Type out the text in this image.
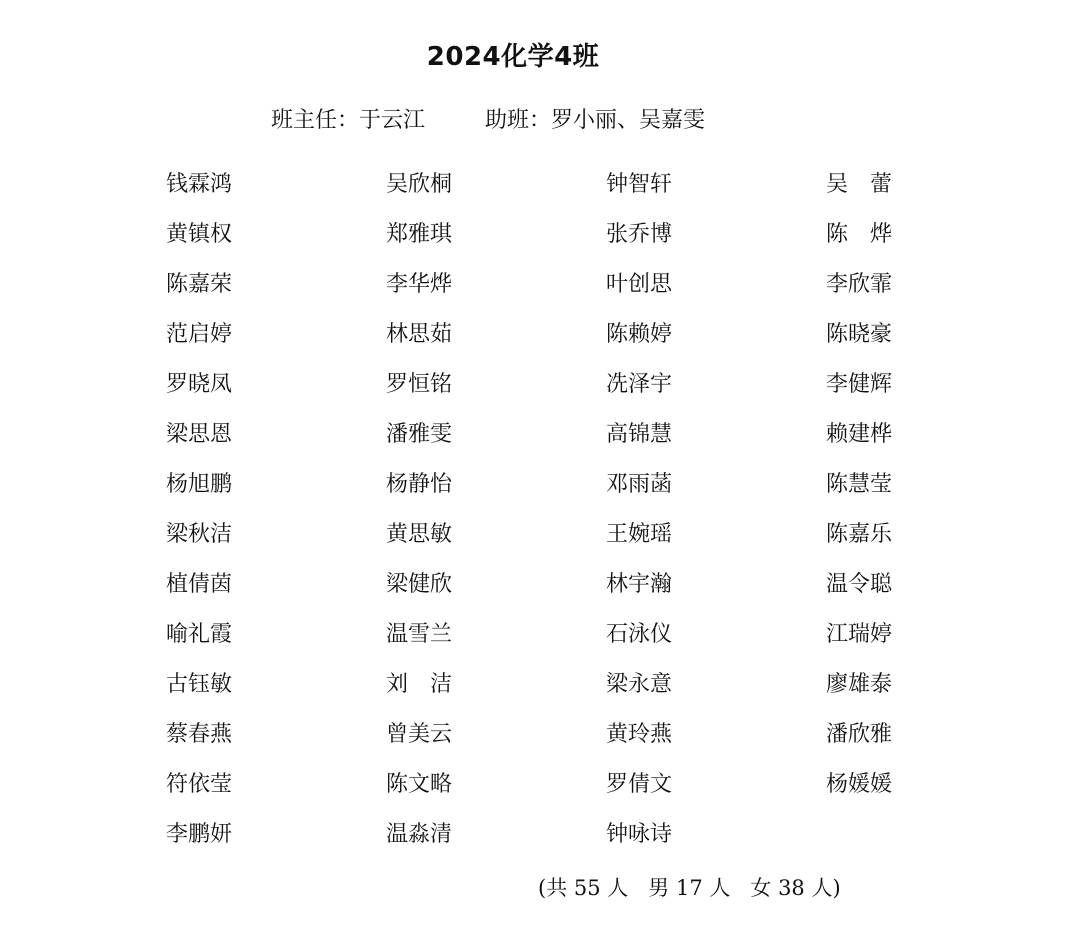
2024化学4班
班主任：于云江	助班：罗小丽、吴嘉雯
钱霖鸿	吴欣桐	钟智轩	吴　蕾
黄镇权	郑雅琪	张乔博	陈　烨
陈嘉荣	李华烨	叶创思	李欣霏
范启婷	林思茹	陈赖婷	陈晓豪
罗晓凤	罗恒铭	冼泽宇	李健辉
梁思恩	潘雅雯	高锦慧	赖建桦
杨旭鹏	杨静怡	邓雨菡	陈慧莹
梁秋洁	黄思敏	王婉瑶	陈嘉乐
植倩茵	梁健欣	林宇瀚	温令聪
喻礼霞	温雪兰	石泳仪	江瑞婷
古钰敏	刘　洁	梁永意	廖雄泰
蔡春燕	曾美云	黄玲燕	潘欣雅
符依莹	陈文略	罗倩文	杨媛媛
李鹏妍	温淼清	钟咏诗
(共 55 人   男 17 人   女 38 人)
